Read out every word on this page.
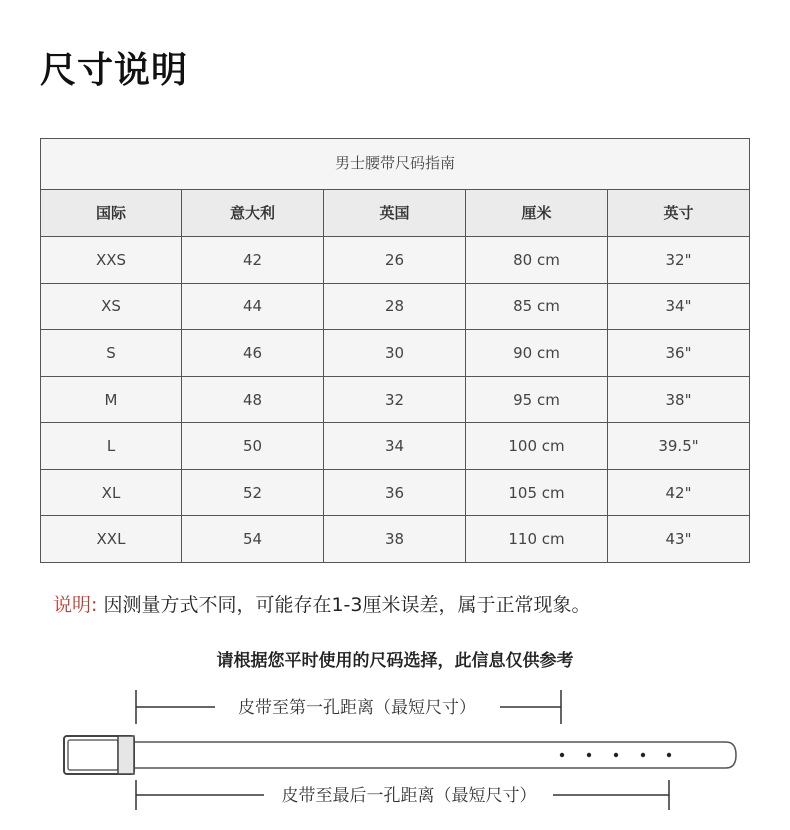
尺寸说明
男士腰带尺码指南				
国际	意大利	英国	厘米	英寸
XXS	42	26	80 cm	32"
XS	44	28	85 cm	34"
S	46	30	90 cm	36"
M	48	32	95 cm	38"
L	50	34	100 cm	39.5"
XL	52	36	105 cm	42"
XXL	54	38	110 cm	43"
说明: 因测量方式不同，可能存在1-3厘米误差，属于正常现象。
请根据您平时使用的尺码选择，此信息仅供参考
皮带至第一孔距离（最短尺寸）
皮带至最后一孔距离（最短尺寸）
